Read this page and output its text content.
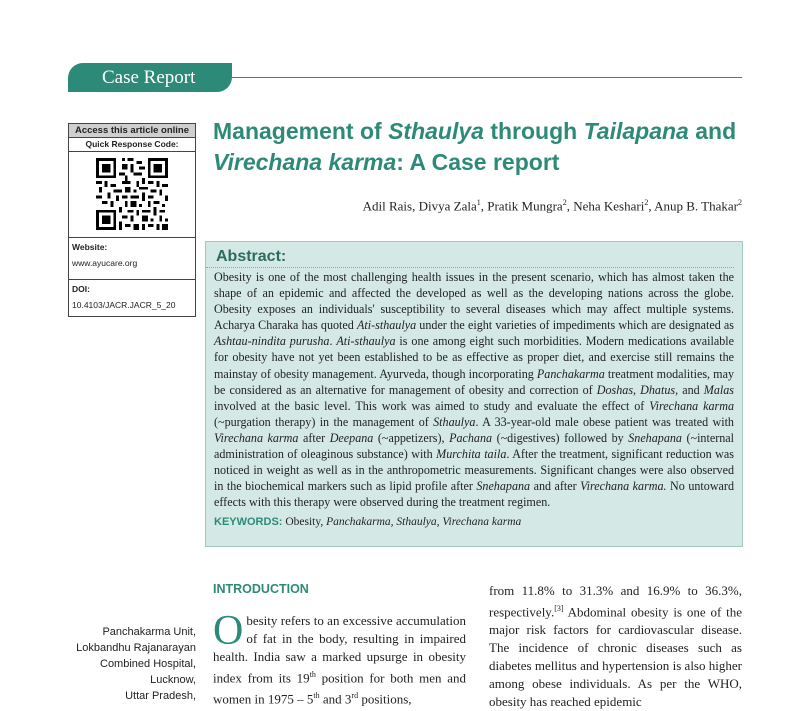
Case Report
Access this article online
Quick Response Code:
Website:
www.ayucare.org
DOI:
10.4103/JACR.JACR_5_20
Management of Sthaulya through Tailapana and
Virechana karma: A Case report
Adil Rais, Divya Zala$^1$, Pratik Mungra$^2$, Neha Keshari$^2$, Anup B. Thakar$^2$
Abstract:
Obesity is one of the most challenging health issues in the present scenario, which has almost taken the shape of an epidemic and affected the developed as well as the developing nations across the globe. Obesity exposes an individuals' susceptibility to several diseases which may affect multiple systems. Acharya Charaka has quoted Ati-sthaulya under the eight varieties of impediments which are designated as Ashtau-nindita purusha. Ati-sthaulya is one among eight such morbidities. Modern medications available for obesity have not yet been established to be as effective as proper diet, and exercise still remains the mainstay of obesity management. Ayurveda, though incorporating Panchakarma treatment modalities, may be considered as an alternative for management of obesity and correction of Doshas, Dhatus, and Malas involved at the basic level. This work was aimed to study and evaluate the effect of Virechana karma (~purgation therapy) in the management of Sthaulya. A 33-year-old male obese patient was treated with Virechana karma after Deepana (~appetizers), Pachana (~digestives) followed by Snehapana (~internal administration of oleaginous substance) with Murchita taila. After the treatment, significant reduction was noticed in weight as well as in the anthropometric measurements. Significant changes were also observed in the biochemical markers such as lipid profile after Snehapana and after Virechana karma. No untoward effects with this therapy were observed during the treatment regimen.
KEYWORDS: Obesity, Panchakarma, Sthaulya, Virechana karma
INTRODUCTION
Obesity refers to an excessive accumulation of fat in the body, resulting in impaired health. India saw a marked upsurge in obesity index from its 19th position for both men and women in 1975 – 5th and 3rd positions,
from 11.8% to 31.3% and 16.9% to 36.3%, respectively.[3] Abdominal obesity is one of the major risk factors for cardiovascular disease. The incidence of chronic diseases such as diabetes mellitus and hypertension is also higher among obese individuals. As per the WHO, obesity has reached epidemic
Panchakarma Unit,
Lokbandhu Rajanarayan
Combined Hospital,
Lucknow,
Uttar Pradesh,
